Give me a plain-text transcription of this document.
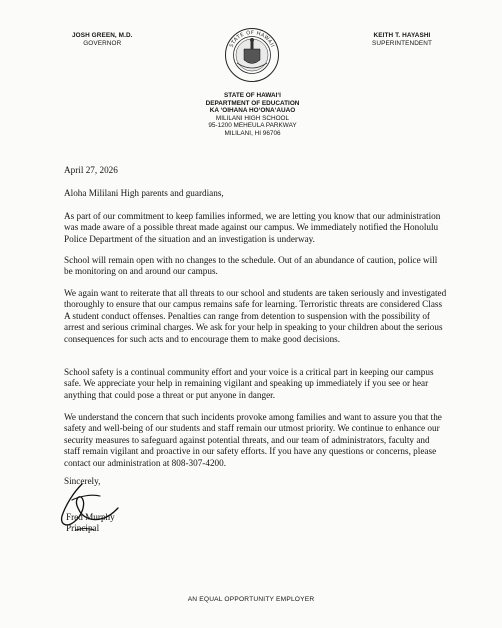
JOSH GREEN, M.D.
GOVERNOR	STATE OF HAWAII
KEITH T. HAYASHI
SUPERINTENDENT
STATE OF HAWAI‘I
DEPARTMENT OF EDUCATION
KA ‘OIHANA HO‘ONA‘AUAO
MILILANI HIGH SCHOOL
95-1200 MEHEULA PARKWAY
MILILANI, HI 96706
April 27, 2026
Aloha Mililani High parents and guardians,
As part of our commitment to keep families informed, we are letting you know that our administration was made aware of a possible threat made against our campus. We immediately notified the Honolulu Police Department of the situation and an investigation is underway.
School will remain open with no changes to the schedule. Out of an abundance of caution, police will be monitoring on and around our campus.
We again want to reiterate that all threats to our school and students are taken seriously and investigated thoroughly to ensure that our campus remains safe for learning. Terroristic threats are considered Class A student conduct offenses. Penalties can range from detention to suspension with the possibility of arrest and serious criminal charges. We ask for your help in speaking to your children about the serious consequences for such acts and to encourage them to make good decisions.
School safety is a continual community effort and your voice is a critical part in keeping our campus safe. We appreciate your help in remaining vigilant and speaking up immediately if you see or hear anything that could pose a threat or put anyone in danger.
We understand the concern that such incidents provoke among families and want to assure you that the safety and well-being of our students and staff remain our utmost priority. We continue to enhance our security measures to safeguard against potential threats, and our team of administrators, faculty and staff remain vigilant and proactive in our safety efforts. If you have any questions or concerns, please contact our administration at 808-307-4200.
Sincerely,
Fred Murphy
Principal
AN EQUAL OPPORTUNITY EMPLOYER
